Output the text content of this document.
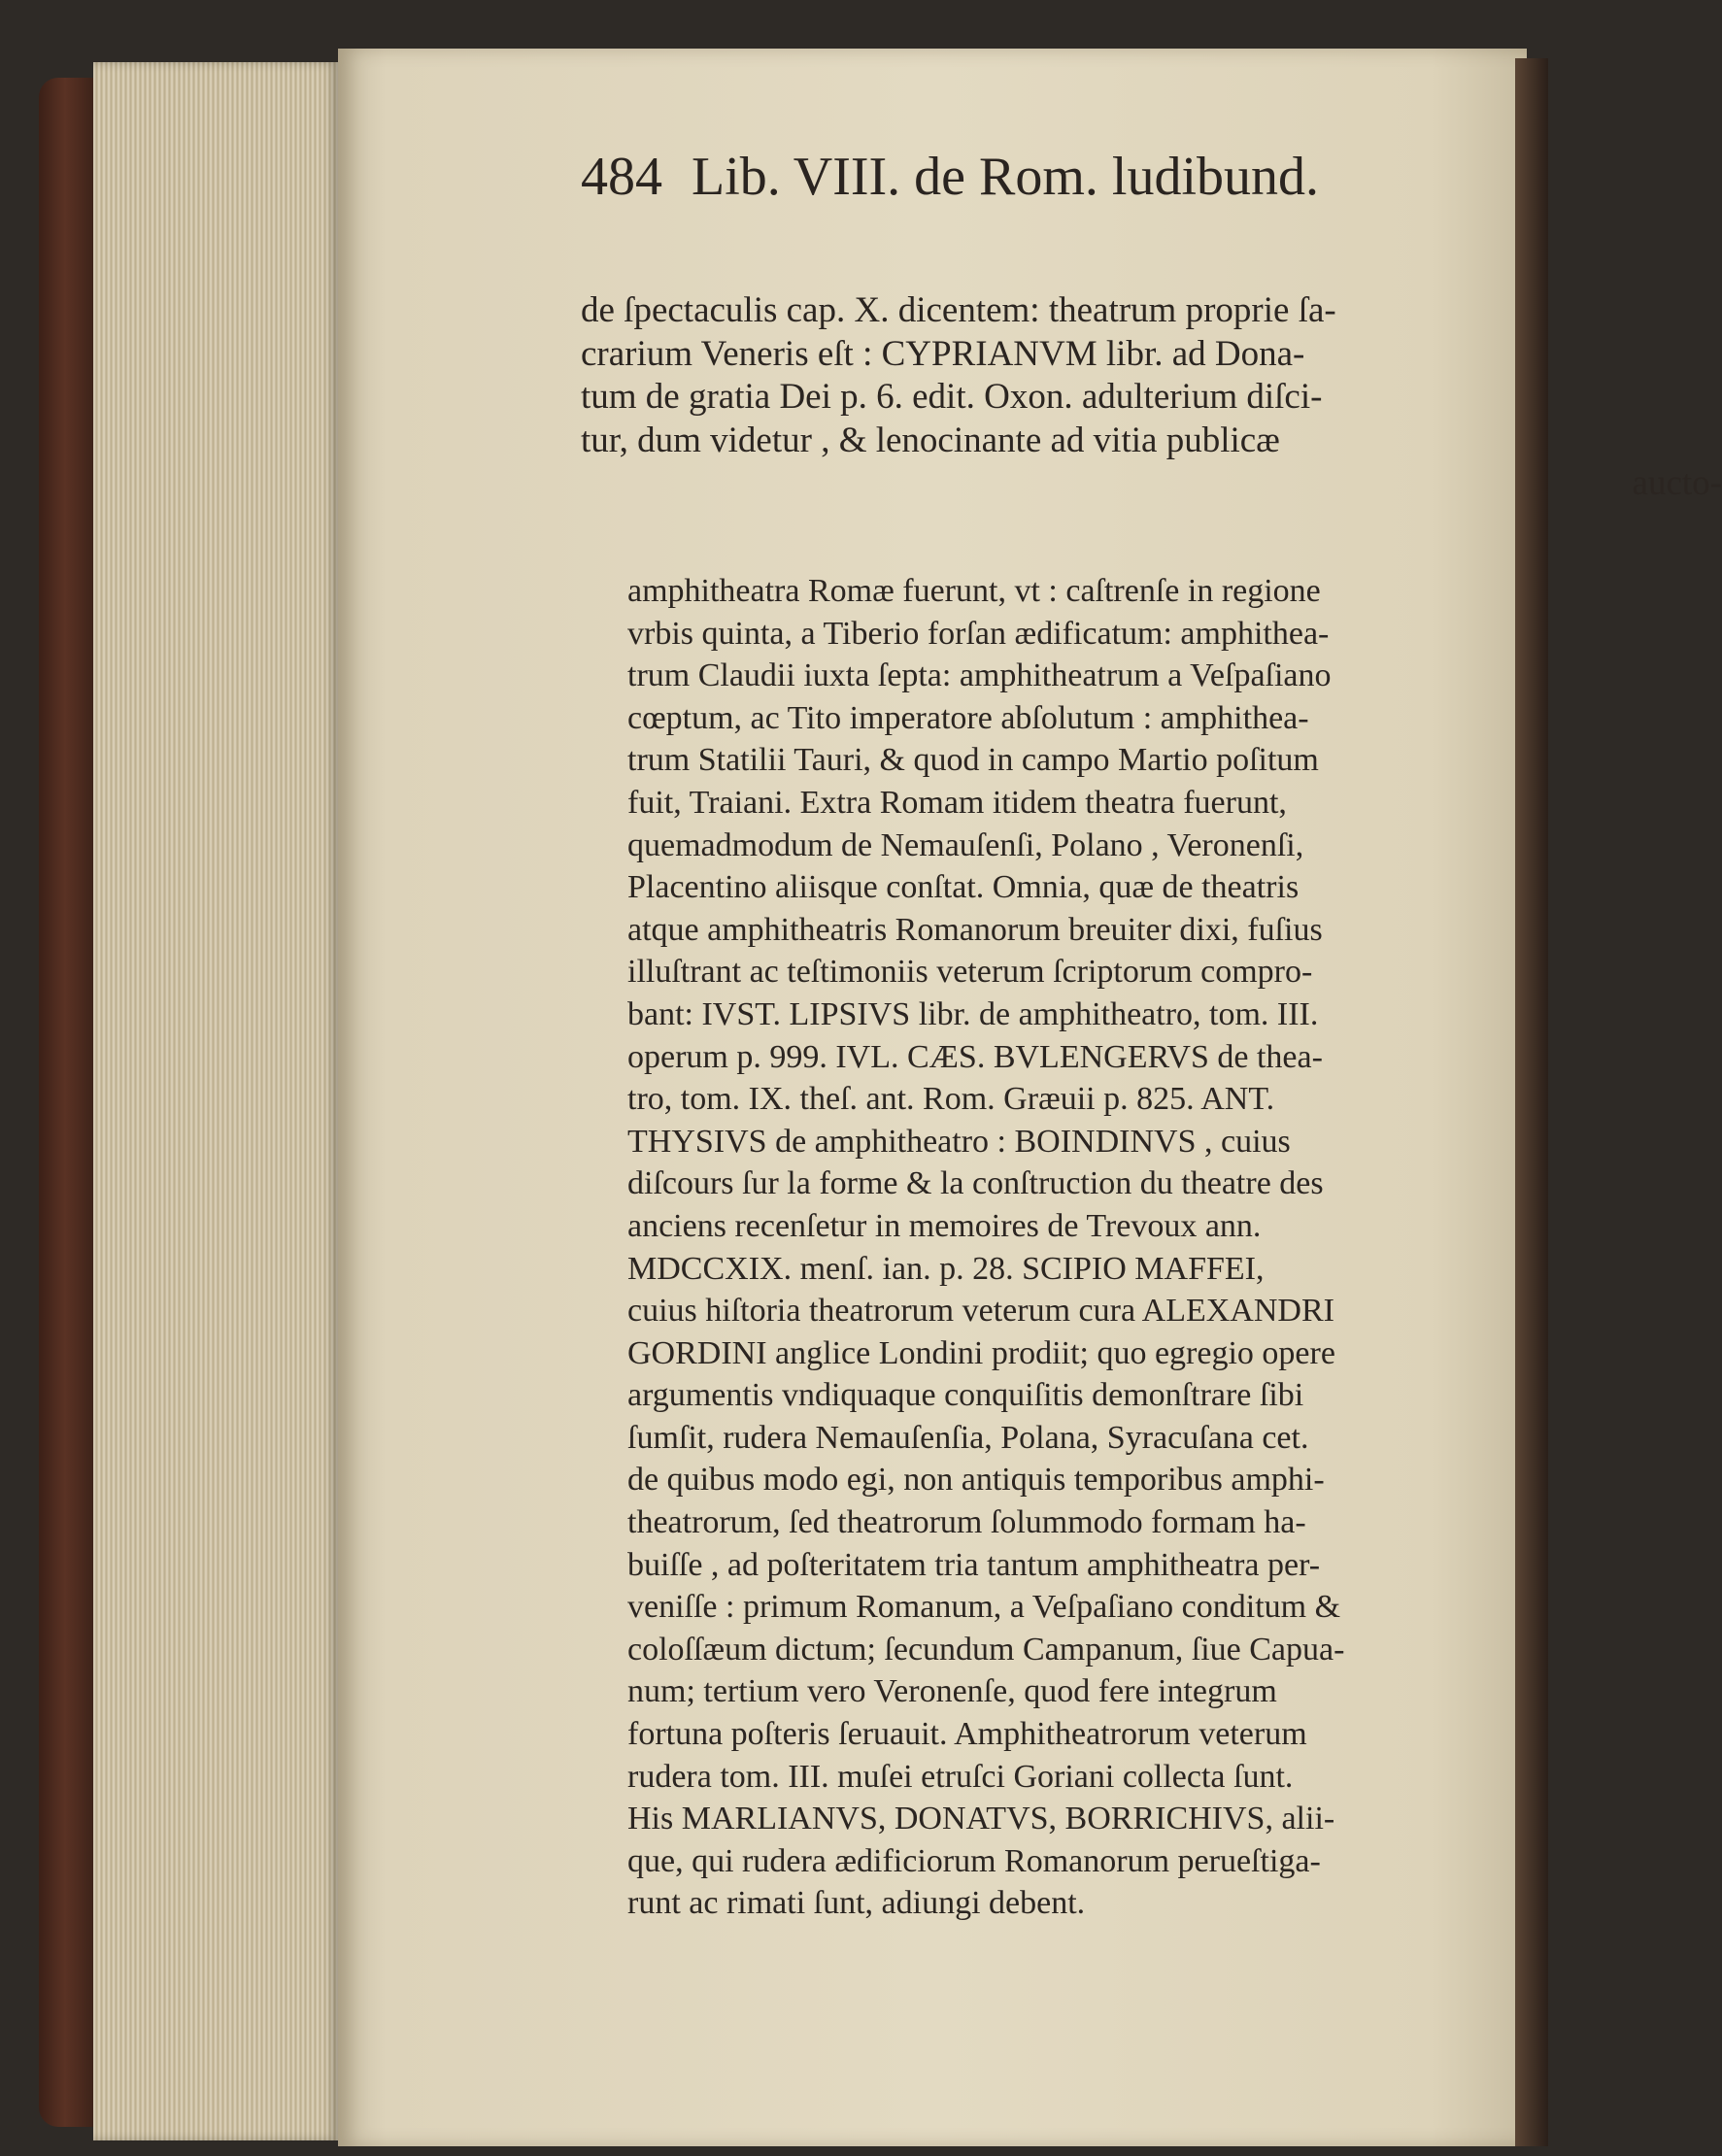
484 Lib. VIII. de Rom. ludibund.
de ſpectaculis cap. X. dicentem: theatrum proprie ſa-
crarium Veneris eſt : CYPRIANVM libr. ad Dona-
tum de gratia Dei p. 6. edit. Oxon. adulterium diſci-
tur, dum videtur , & lenocinante ad vitia publicæ
aucto-
amphitheatra Romæ fuerunt, vt : caſtrenſe in regione
vrbis quinta, a Tiberio forſan ædificatum: amphithea-
trum Claudii iuxta ſepta: amphitheatrum a Veſpaſiano
cœptum, ac Tito imperatore abſolutum : amphithea-
trum Statilii Tauri, & quod in campo Martio poſitum
fuit, Traiani. Extra Romam itidem theatra fuerunt,
quemadmodum de Nemauſenſi, Polano , Veronenſi,
Placentino aliisque conſtat. Omnia, quæ de theatris
atque amphitheatris Romanorum breuiter dixi, fuſius
illuſtrant ac teſtimoniis veterum ſcriptorum compro-
bant: IVST. LIPSIVS libr. de amphitheatro, tom. III.
operum p. 999. IVL. CÆS. BVLENGERVS de thea-
tro, tom. IX. theſ. ant. Rom. Græuii p. 825. ANT.
THYSIVS de amphitheatro : BOINDINVS , cuius
diſcours ſur la forme & la conſtruction du theatre des
anciens recenſetur in memoires de Trevoux ann.
MDCCXIX. menſ. ian. p. 28. SCIPIO MAFFEI,
cuius hiſtoria theatrorum veterum cura ALEXANDRI
GORDINI anglice Londini prodiit; quo egregio opere
argumentis vndiquaque conquiſitis demonſtrare ſibi
ſumſit, rudera Nemauſenſia, Polana, Syracuſana cet.
de quibus modo egi, non antiquis temporibus amphi-
theatrorum, ſed theatrorum ſolummodo formam ha-
buiſſe , ad poſteritatem tria tantum amphitheatra per-
veniſſe : primum Romanum, a Veſpaſiano conditum &
coloſſæum dictum; ſecundum Campanum, ſiue Capua-
num; tertium vero Veronenſe, quod fere integrum
fortuna poſteris ſeruauit. Amphitheatrorum veterum
rudera tom. III. muſei etruſci Goriani collecta ſunt.
His MARLIANVS, DONATVS, BORRICHIVS, alii-
que, qui rudera ædificiorum Romanorum perueſtiga-
runt ac rimati ſunt, adiungi debent.
